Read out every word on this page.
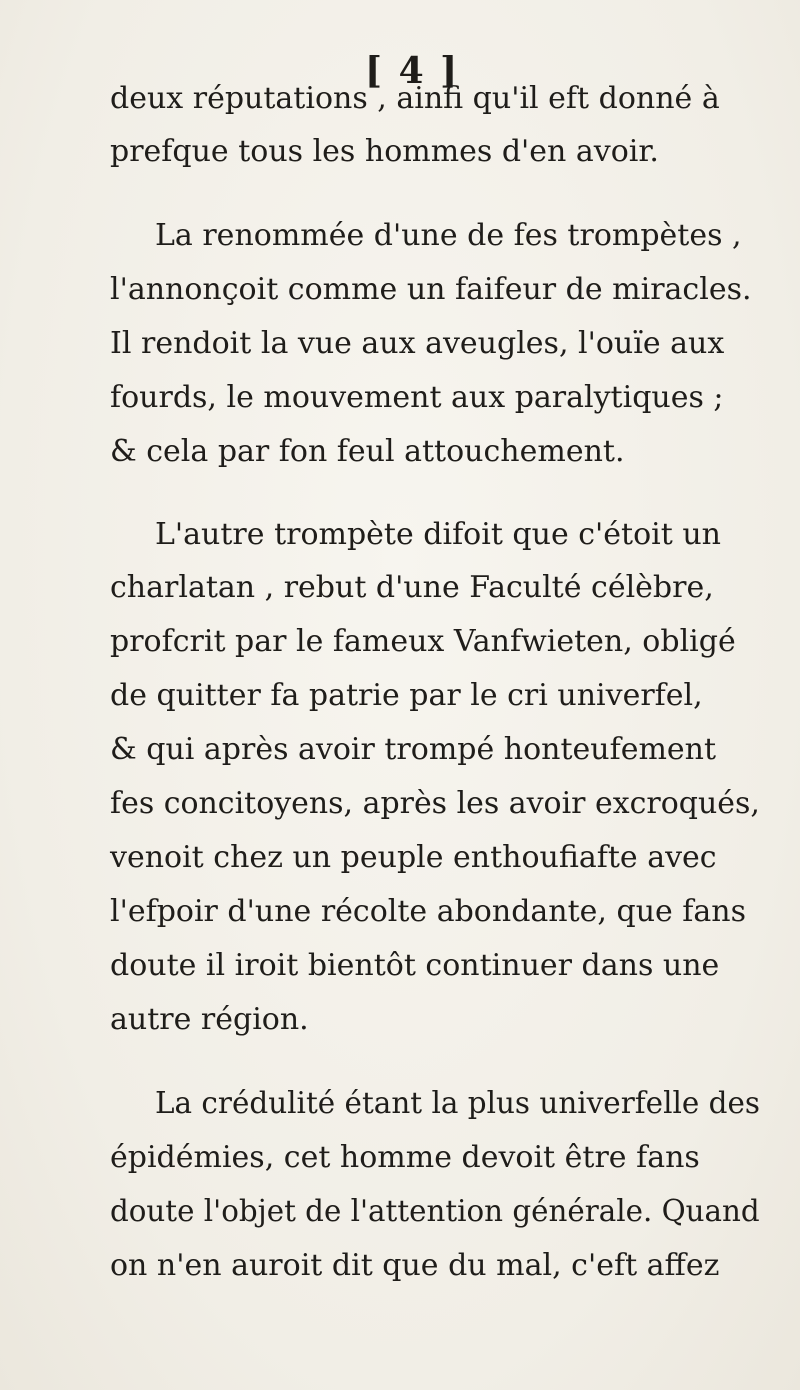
[ 4 ]
deux réputations , ainfi qu'il eft donné à
prefque tous les hommes d'en avoir.
La renommée d'une de fes trompètes ,
l'annonçoit comme un faifeur de miracles.
Il rendoit la vue aux aveugles, l'ouïe aux
fourds, le mouvement aux paralytiques ;
& cela par fon feul attouchement.
L'autre trompète difoit que c'étoit un
charlatan , rebut d'une Faculté célèbre,
profcrit par le fameux Vanfwieten, obligé
de quitter fa patrie par le cri univerfel,
& qui après avoir trompé honteufement
fes concitoyens, après les avoir excroqués,
venoit chez un peuple enthoufiafte avec
l'efpoir d'une récolte abondante, que fans
doute il iroit bientôt continuer dans une
autre région.
La crédulité étant la plus univerfelle des
épidémies, cet homme devoit être fans
doute l'objet de l'attention générale. Quand
on n'en auroit dit que du mal, c'eft affez
